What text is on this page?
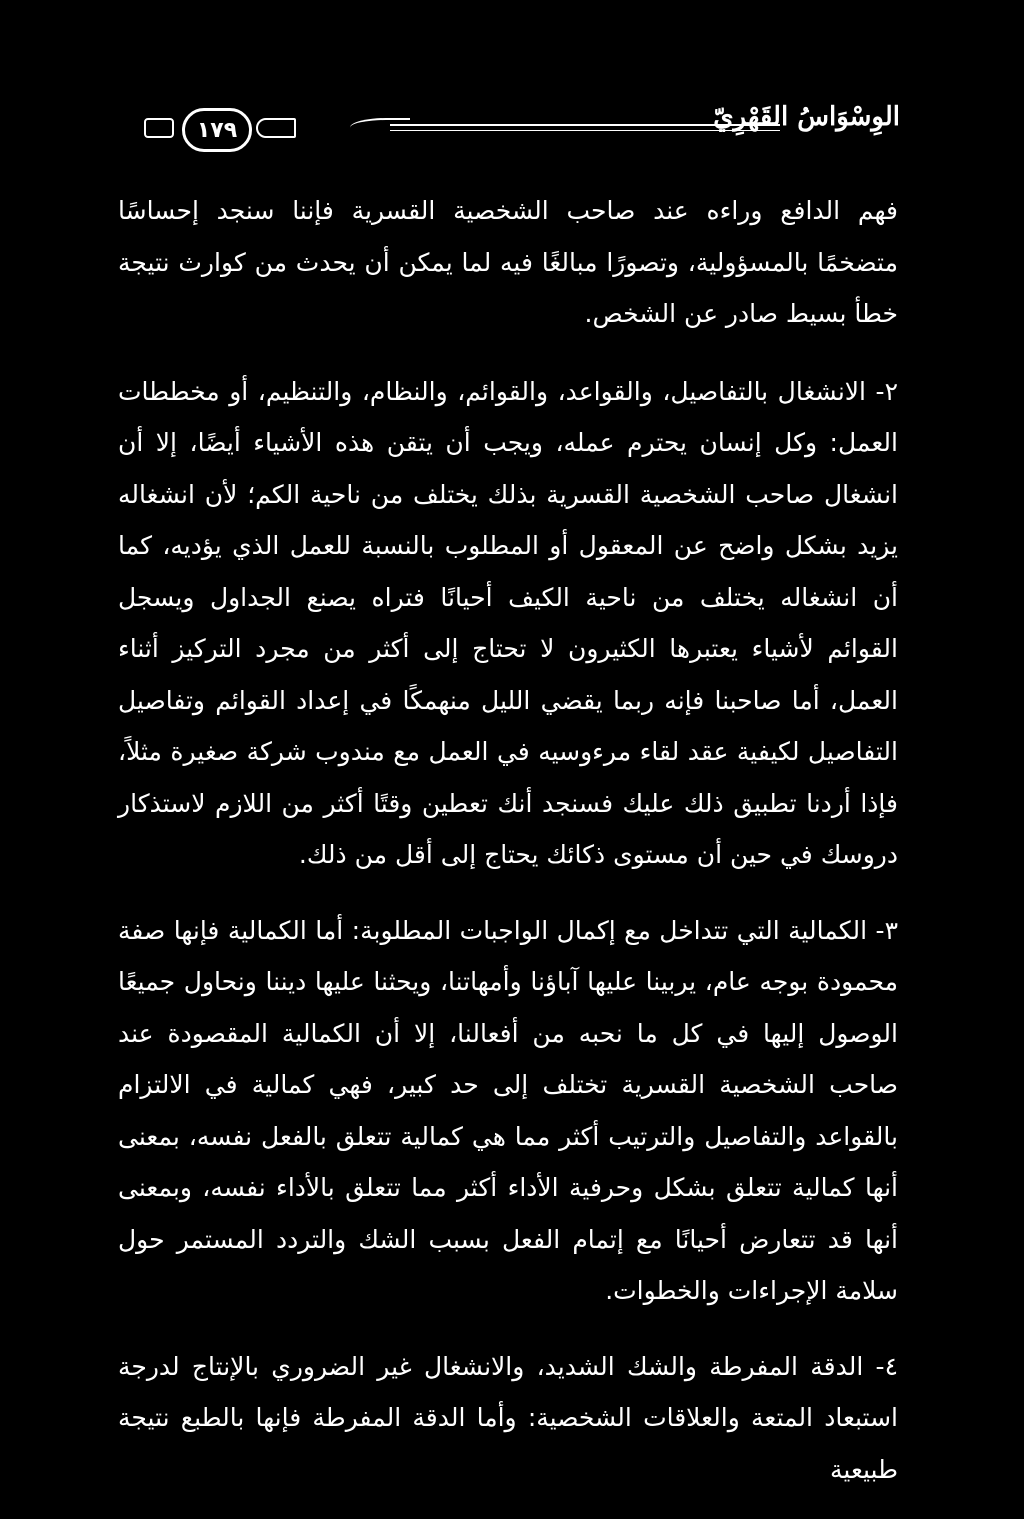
١٧٩	الوِسْوَاسُ القَهْرِيّ

فهم الدافع وراءه عند صاحب الشخصية القسرية فإننا سنجد إحساسًا متضخمًا بالمسؤولية، وتصورًا مبالغًا فيه لما يمكن أن يحدث من كوارث نتيجة خطأ بسيط صادر عن الشخص.

٢- الانشغال بالتفاصيل، والقواعد، والقوائم، والنظام، والتنظيم، أو مخططات العمل: وكل إنسان يحترم عمله، ويجب أن يتقن هذه الأشياء أيضًا، إلا أن انشغال صاحب الشخصية القسرية بذلك يختلف من ناحية الكم؛ لأن انشغاله يزيد بشكل واضح عن المعقول أو المطلوب بالنسبة للعمل الذي يؤديه، كما أن انشغاله يختلف من ناحية الكيف أحيانًا فتراه يصنع الجداول ويسجل القوائم لأشياء يعتبرها الكثيرون لا تحتاج إلى أكثر من مجرد التركيز أثناء العمل، أما صاحبنا فإنه ربما يقضي الليل منهمكًا في إعداد القوائم وتفاصيل التفاصيل لكيفية عقد لقاء مرءوسيه في العمل مع مندوب شركة صغيرة مثلاً، فإذا أردنا تطبيق ذلك عليك فسنجد أنك تعطين وقتًا أكثر من اللازم لاستذكار دروسك في حين أن مستوى ذكائك يحتاج إلى أقل من ذلك.

٣- الكمالية التي تتداخل مع إكمال الواجبات المطلوبة: أما الكمالية فإنها صفة محمودة بوجه عام، يربينا عليها آباؤنا وأمهاتنا، ويحثنا عليها ديننا ونحاول جميعًا الوصول إليها في كل ما نحبه من أفعالنا، إلا أن الكمالية المقصودة عند صاحب الشخصية القسرية تختلف إلى حد كبير، فهي كمالية في الالتزام بالقواعد والتفاصيل والترتيب أكثر مما هي كمالية تتعلق بالفعل نفسه، بمعنى أنها كمالية تتعلق بشكل وحرفية الأداء أكثر مما تتعلق بالأداء نفسه، وبمعنى أنها قد تتعارض أحيانًا مع إتمام الفعل بسبب الشك والتردد المستمر حول سلامة الإجراءات والخطوات.

٤- الدقة المفرطة والشك الشديد، والانشغال غير الضروري بالإنتاج لدرجة استبعاد المتعة والعلاقات الشخصية: وأما الدقة المفرطة فإنها بالطبع نتيجة طبيعية
